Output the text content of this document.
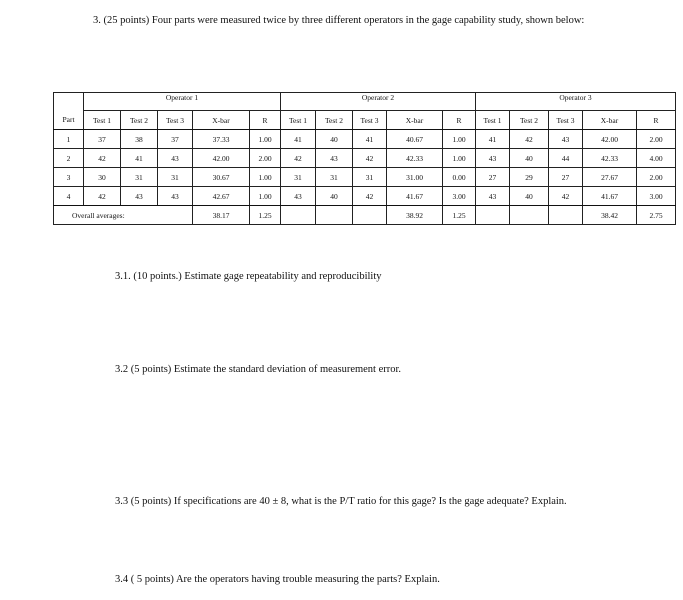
3. (25 points) Four parts were measured twice by three different operators in the gage capability study, shown below:
	Operator 1					Operator 2					Operator 3				
Part	Test 1	Test 2	Test 3	X-bar	R	Test 1	Test 2	Test 3	X-bar	R	Test 1	Test 2	Test 3	X-bar	R
1	37	38	37	37.33	1.00	41	40	41	40.67	1.00	41	42	43	42.00	2.00
2	42	41	43	42.00	2.00	42	43	42	42.33	1.00	43	40	44	42.33	4.00
3	30	31	31	30.67	1.00	31	31	31	31.00	0.00	27	29	27	27.67	2.00
4	42	43	43	42.67	1.00	43	40	42	41.67	3.00	43	40	42	41.67	3.00
Overall averages:				38.17	1.25				38.92	1.25				38.42	2.75
3.1. (10 points.) Estimate gage repeatability and reproducibility
3.2 (5 points) Estimate the standard deviation of measurement error.
3.3 (5 points) If specifications are 40 ± 8, what is the P/T ratio for this gage? Is the gage adequate? Explain.
3.4 ( 5 points) Are the operators having trouble measuring the parts? Explain.
